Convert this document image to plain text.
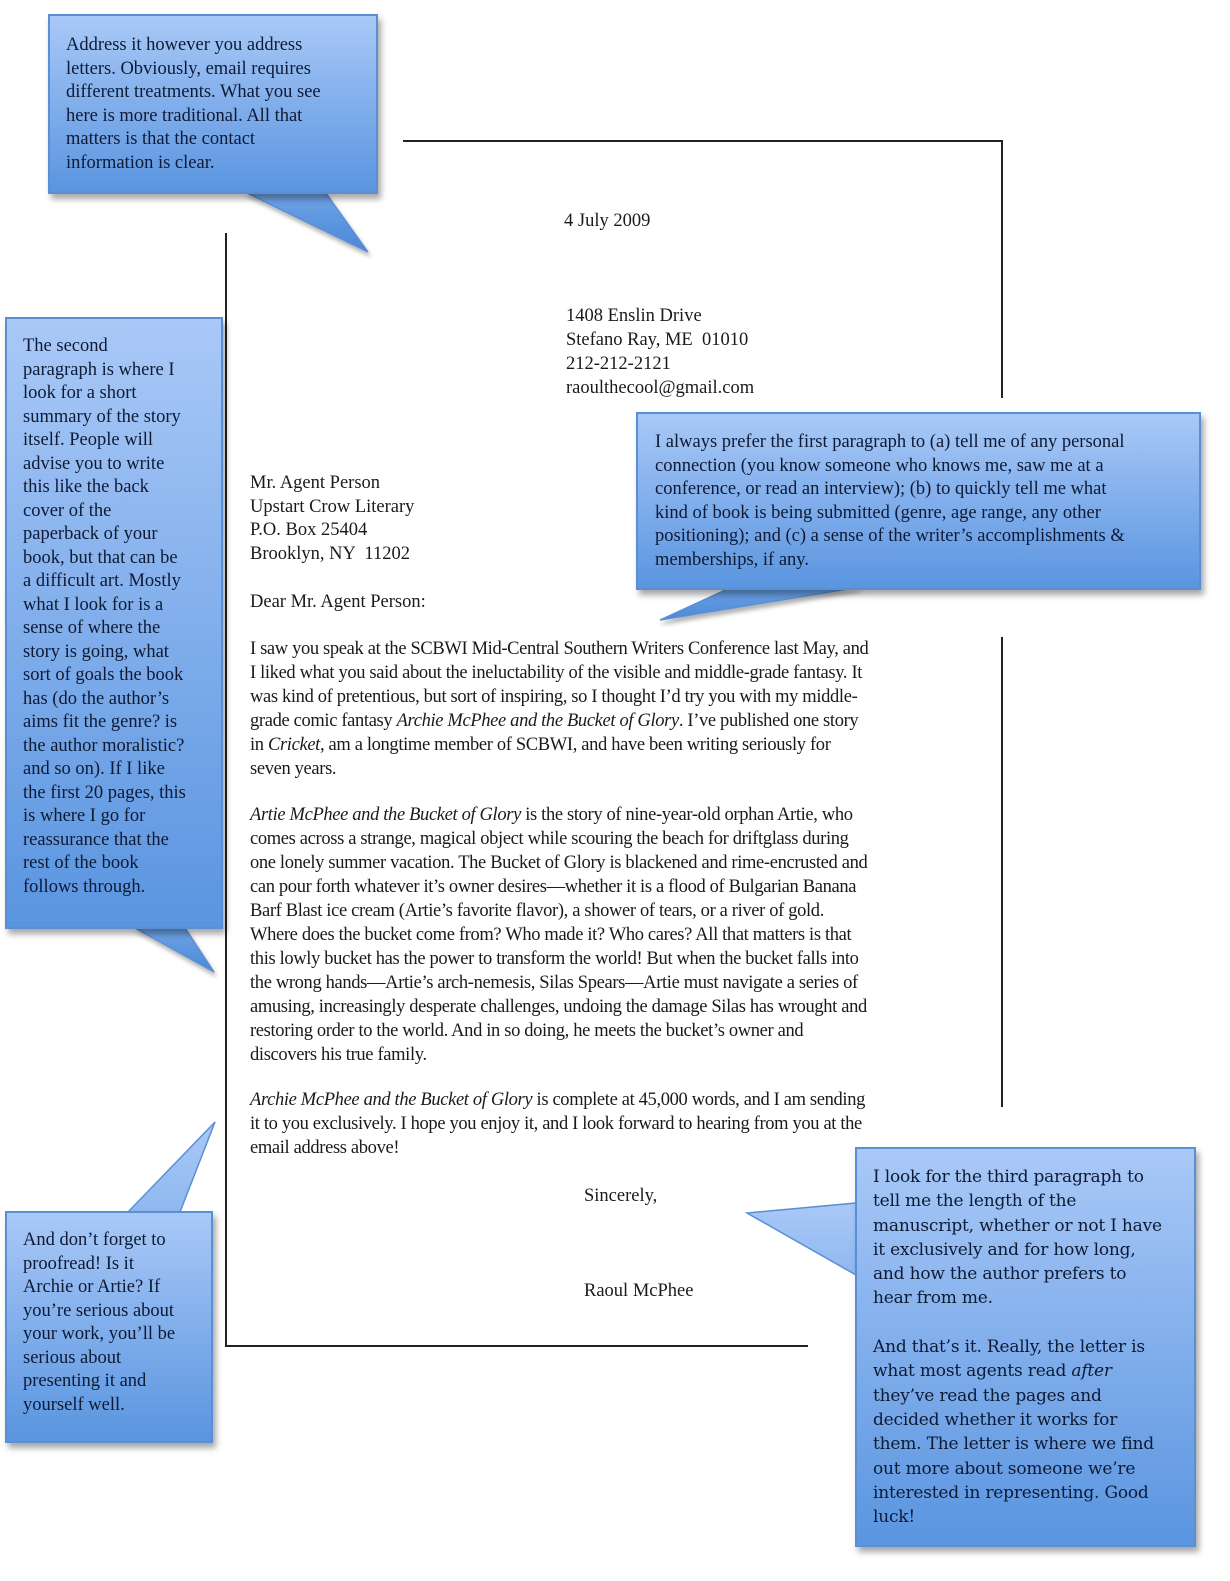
4 July 2009
1408 Enslin Drive
Stefano Ray, ME  01010
212-212-2121
raoulthecool@gmail.com
Mr. Agent Person
Upstart Crow Literary
P.O. Box 25404
Brooklyn, NY  11202
Dear Mr. Agent Person:
I saw you speak at the SCBWI Mid-Central Southern Writers Conference last May, and
I liked what you said about the ineluctability of the visible and middle-grade fantasy. It
was kind of pretentious, but sort of inspiring, so I thought I’d try you with my middle-
grade comic fantasy Archie McPhee and the Bucket of Glory. I’ve published one story
in Cricket, am a longtime member of SCBWI, and have been writing seriously for
seven years.
Artie McPhee and the Bucket of Glory is the story of nine-year-old orphan Artie, who
comes across a strange, magical object while scouring the beach for driftglass during
one lonely summer vacation. The Bucket of Glory is blackened and rime-encrusted and
can pour forth whatever it’s owner desires—whether it is a flood of Bulgarian Banana
Barf Blast ice cream (Artie’s favorite flavor), a shower of tears, or a river of gold.
Where does the bucket come from? Who made it? Who cares? All that matters is that
this lowly bucket has the power to transform the world! But when the bucket falls into
the wrong hands—Artie’s arch-nemesis, Silas Spears—Artie must navigate a series of
amusing, increasingly desperate challenges, undoing the damage Silas has wrought and
restoring order to the world. And in so doing, he meets the bucket’s owner and
discovers his true family.
Archie McPhee and the Bucket of Glory is complete at 45,000 words, and I am sending
it to you exclusively. I hope you enjoy it, and I look forward to hearing from you at the
email address above!
Sincerely,
Raoul McPhee

Address it however you address

letters. Obviously, email requires

different treatments. What you see

here is more traditional. All that

matters is that the contact

information is clear.

The second

paragraph is where I

look for a short

summary of the story

itself. People will

advise you to write

this like the back

cover of the

paperback of your

book, but that can be

a difficult art. Mostly

what I look for is a

sense of where the

story is going, what

sort of goals the book

has (do the author’s

aims fit the genre? is

the author moralistic?

and so on). If I like

the first 20 pages, this

is where I go for

reassurance that the

rest of the book

follows through.

I always prefer the first paragraph to (a) tell me of any personal

connection (you know someone who knows me, saw me at a

conference, or read an interview); (b) to quickly tell me what

kind of book is being submitted (genre, age range, any other

positioning); and (c) a sense of the writer’s accomplishments &

memberships, if any.

And don’t forget to

proofread! Is it

Archie or Artie? If

you’re serious about

your work, you’ll be

serious about

presenting it and

yourself well.

I look for the third paragraph to

tell me the length of the

manuscript, whether or not I have

it exclusively and for how long,

and how the author prefers to

hear from me.

And that’s it. Really, the letter is

what most agents read after

they’ve read the pages and

decided whether it works for

them. The letter is where we find

out more about someone we’re

interested in representing. Good

luck!
